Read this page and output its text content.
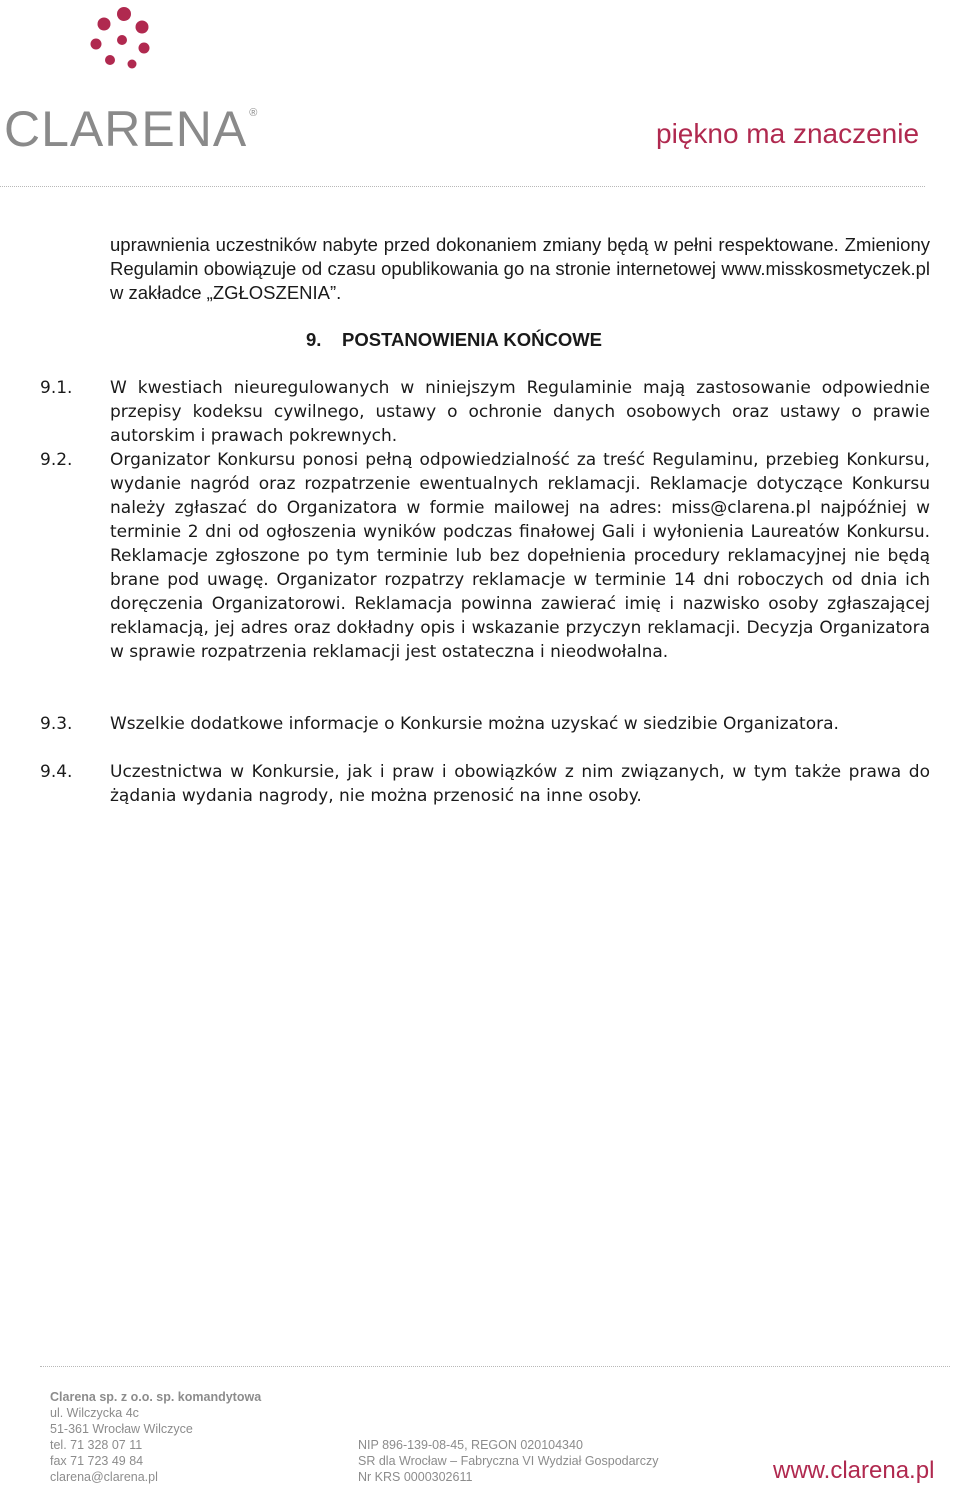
CLARENA ®
piękno ma znaczenie

uprawnienia uczestników nabyte przed dokonaniem zmiany będą w pełni respektowane. Zmieniony Regulamin obowiązuje od czasu opublikowania go na stronie internetowej www.misskosmetyczek.pl w zakładce „ZGŁOSZENIA”.

9. POSTANOWIENIA KOŃCOWE
9.1.	W kwestiach nieuregulowanych w niniejszym Regulaminie mają zastosowanie odpowiednie przepisy kodeksu cywilnego, ustawy o ochronie danych osobowych oraz ustawy o prawie autorskim i prawach pokrewnych.

9.2.	Organizator Konkursu ponosi pełną odpowiedzialność za treść Regulaminu, przebieg Konkursu, wydanie nagród oraz rozpatrzenie ewentualnych reklamacji. Reklamacje dotyczące Konkursu należy zgłaszać do Organizatora w formie mailowej na adres: miss@clarena.pl najpóźniej w terminie 2 dni od ogłoszenia wyników podczas finałowej Gali i wyłonienia Laureatów Konkursu. Reklamacje zgłoszone po tym terminie lub bez dopełnienia procedury reklamacyjnej nie będą brane pod uwagę. Organizator rozpatrzy reklamacje w terminie 14 dni roboczych od dnia ich doręczenia Organizatorowi. Reklamacja powinna zawierać imię i nazwisko osoby zgłaszającej reklamacją, jej adres oraz dokładny opis i wskazanie przyczyn reklamacji. Decyzja Organizatora w sprawie rozpatrzenia reklamacji jest ostateczna i nieodwołalna.

9.3.	Wszelkie dodatkowe informacje o Konkursie można uzyskać w siedzibie Organizatora.

9.4.	Uczestnictwa w Konkursie, jak i praw i obowiązków z nim związanych, w tym także prawa do żądania wydania nagrody, nie można przenosić na inne osoby.

Clarena sp. z o.o. sp. komandytowa
ul. Wilczycka 4c
51-361 Wrocław Wilczyce
tel. 71 328 07 11
fax 71 723 49 84
clarena@clarena.pl
NIP 896-139-08-45, REGON 020104340
SR dla Wrocław – Fabryczna VI Wydział Gospodarczy
Nr KRS 0000302611	www.clarena.pl
